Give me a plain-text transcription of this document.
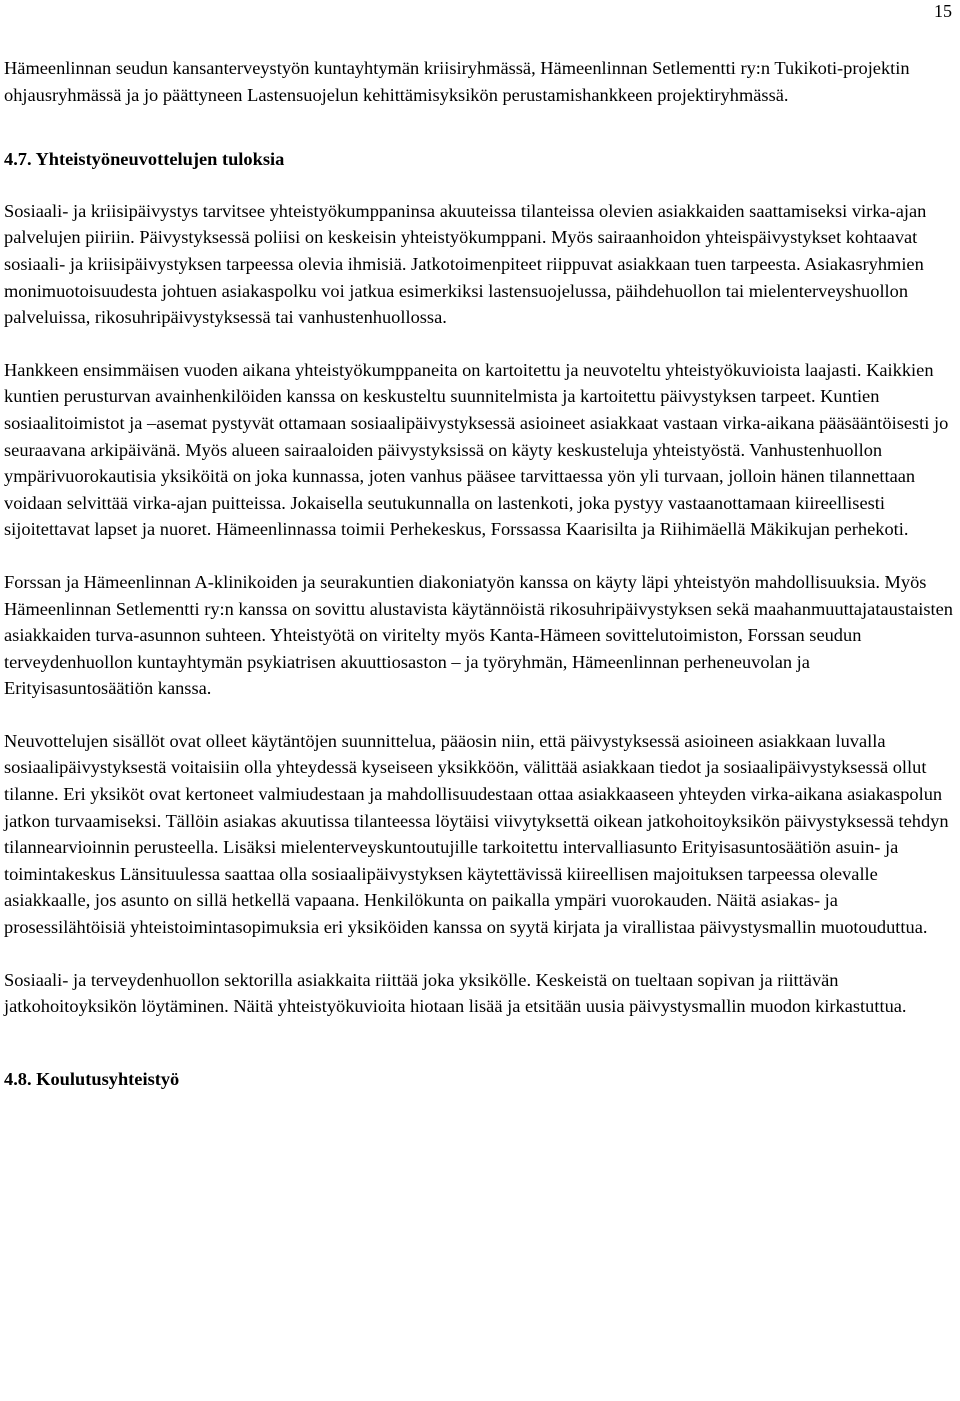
15

Hämeenlinnan seudun kansanterveystyön kuntayhtymän kriisiryhmässä, Hämeenlinnan Setlementti ry:n Tukikoti-projektin ohjausryhmässä ja jo päättyneen Lastensuojelun kehittämisyksikön perustamishankkeen projektiryhmässä.

4.7. Yhteistyöneuvottelujen tuloksia

Sosiaali- ja kriisipäivystys tarvitsee yhteistyökumppaninsa akuuteissa tilanteissa olevien asiakkaiden saattamiseksi virka-ajan palvelujen piiriin. Päivystyksessä poliisi on keskeisin yhteistyökumppani. Myös sairaanhoidon yhteispäivystykset kohtaavat sosiaali- ja kriisipäivystyksen tarpeessa olevia ihmisiä. Jatkotoimenpiteet riippuvat asiakkaan tuen tarpeesta. Asiakasryhmien monimuotoisuudesta johtuen asiakaspolku voi jatkua esimerkiksi lastensuojelussa, päihdehuollon tai mielenterveyshuollon palveluissa, rikosuhripäivystyksessä tai vanhustenhuollossa.

Hankkeen ensimmäisen vuoden aikana yhteistyökumppaneita on kartoitettu ja neuvoteltu yhteistyökuvioista laajasti. Kaikkien kuntien perusturvan avainhenkilöiden kanssa on keskusteltu suunnitelmista ja kartoitettu päivystyksen tarpeet. Kuntien sosiaalitoimistot ja –asemat pystyvät ottamaan sosiaalipäivystyksessä asioineet asiakkaat vastaan virka-aikana pääsääntöisesti jo seuraavana arkipäivänä. Myös alueen sairaaloiden päivystyksissä on käyty keskusteluja yhteistyöstä. Vanhustenhuollon ympärivuorokautisia yksiköitä on joka kunnassa, joten vanhus pääsee tarvittaessa yön yli turvaan, jolloin hänen tilannettaan voidaan selvittää virka-ajan puitteissa. Jokaisella seutukunnalla on lastenkoti, joka pystyy vastaanottamaan kiireellisesti sijoitettavat lapset ja nuoret. Hämeenlinnassa toimii Perhekeskus, Forssassa Kaarisilta ja Riihimäellä Mäkikujan perhekoti.

Forssan ja Hämeenlinnan A-klinikoiden ja seurakuntien diakoniatyön kanssa on käyty läpi yhteistyön mahdollisuuksia. Myös Hämeenlinnan Setlementti ry:n kanssa on sovittu alustavista käytännöistä rikosuhripäivystyksen sekä maahanmuuttajataustaisten asiakkaiden turva-asunnon suhteen. Yhteistyötä on viritelty myös Kanta-Hämeen sovittelutoimiston, Forssan seudun terveydenhuollon kuntayhtymän psykiatrisen akuuttiosaston – ja työryhmän, Hämeenlinnan perheneuvolan ja Erityisasuntosäätiön kanssa.

Neuvottelujen sisällöt ovat olleet käytäntöjen suunnittelua, pääosin niin, että päivystyksessä asioineen asiakkaan luvalla sosiaalipäivystyksestä voitaisiin olla yhteydessä kyseiseen yksikköön, välittää asiakkaan tiedot ja sosiaalipäivystyksessä ollut tilanne. Eri yksiköt ovat kertoneet valmiudestaan ja mahdollisuudestaan ottaa asiakkaaseen yhteyden virka-aikana asiakaspolun jatkon turvaamiseksi. Tällöin asiakas akuutissa tilanteessa löytäisi viivytyksettä oikean jatkohoitoyksikön päivystyksessä tehdyn tilannearvioinnin perusteella. Lisäksi mielenterveyskuntoutujille tarkoitettu intervalliasunto Erityisasuntosäätiön asuin- ja toimintakeskus Länsituulessa saattaa olla sosiaalipäivystyksen käytettävissä kiireellisen majoituksen tarpeessa olevalle asiakkaalle, jos asunto on sillä hetkellä vapaana. Henkilökunta on paikalla ympäri vuorokauden. Näitä asiakas- ja prosessilähtöisiä yhteistoimintasopimuksia eri yksiköiden kanssa on syytä kirjata ja virallistaa päivystysmallin muotouduttua.

Sosiaali- ja terveydenhuollon sektorilla asiakkaita riittää joka yksikölle. Keskeistä on tueltaan sopivan ja riittävän jatkohoitoyksikön löytäminen. Näitä yhteistyökuvioita hiotaan lisää ja etsitään uusia päivystysmallin muodon kirkastuttua.

4.8. Koulutusyhteistyö
